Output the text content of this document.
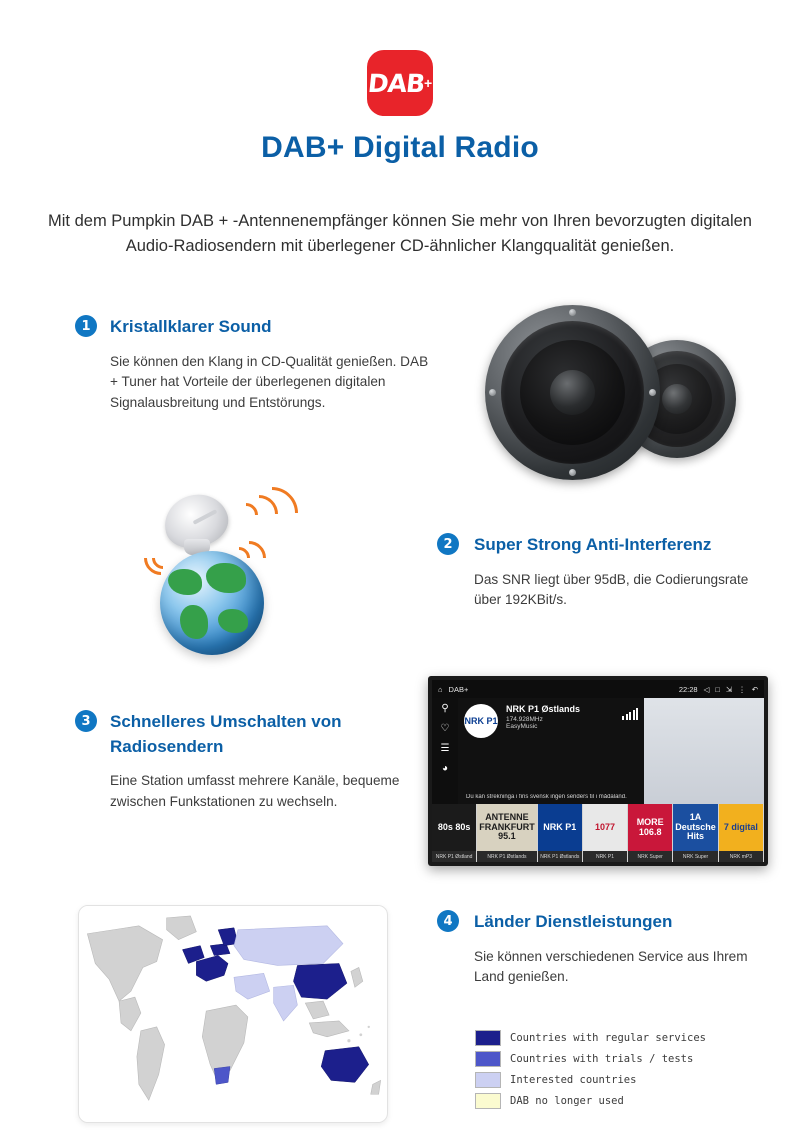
DAB
+
DAB+ Digital Radio

Mit dem Pumpkin DAB + -Antennenempfänger können Sie mehr von Ihren bevorzugten digitalen Audio-Radiosendern mit überlegener CD-ähnlicher Klangqualität genießen.

1	Kristallklarer Sound

Sie können den Klang in CD-Qualität genießen. DAB + Tuner hat Vorteile der überlegenen digitalen Signalausbreitung und Entstörungs.

2	Super Strong Anti-Interferenz

Das SNR liegt über 95dB, die Codierungsrate über 192KBit/s.

3	Schnelleres Umschalten von Radiosendern

Eine Station umfasst mehrere Kanäle, bequeme zwischen Funkstationen zu wechseln.

⌂ DAB+	22:28 ◁ □ ⇲ ⋮ ↶
⚲
♡
☰
◕
NRK P1
NRK P1 Østlands
174.928MHz
EasyMusic
Du kan strekninga i fins svensk ingen senders til i mådaland.
80s 80s
NRK P1 Østland
ANTENNE FRANKFURT 95.1
NRK P1 Østlands
NRK P1
NRK P1 Østlands
1077
NRK P1
MORE 106.8
NRK Super
1A Deutsche Hits
NRK Super
7 digital
NRK mP3
4	Länder Dienstleistungen

Sie können verschiedenen Service aus Ihrem Land genießen.

Countries with regular services
Countries with trials / tests
Interested countries
DAB no longer used
